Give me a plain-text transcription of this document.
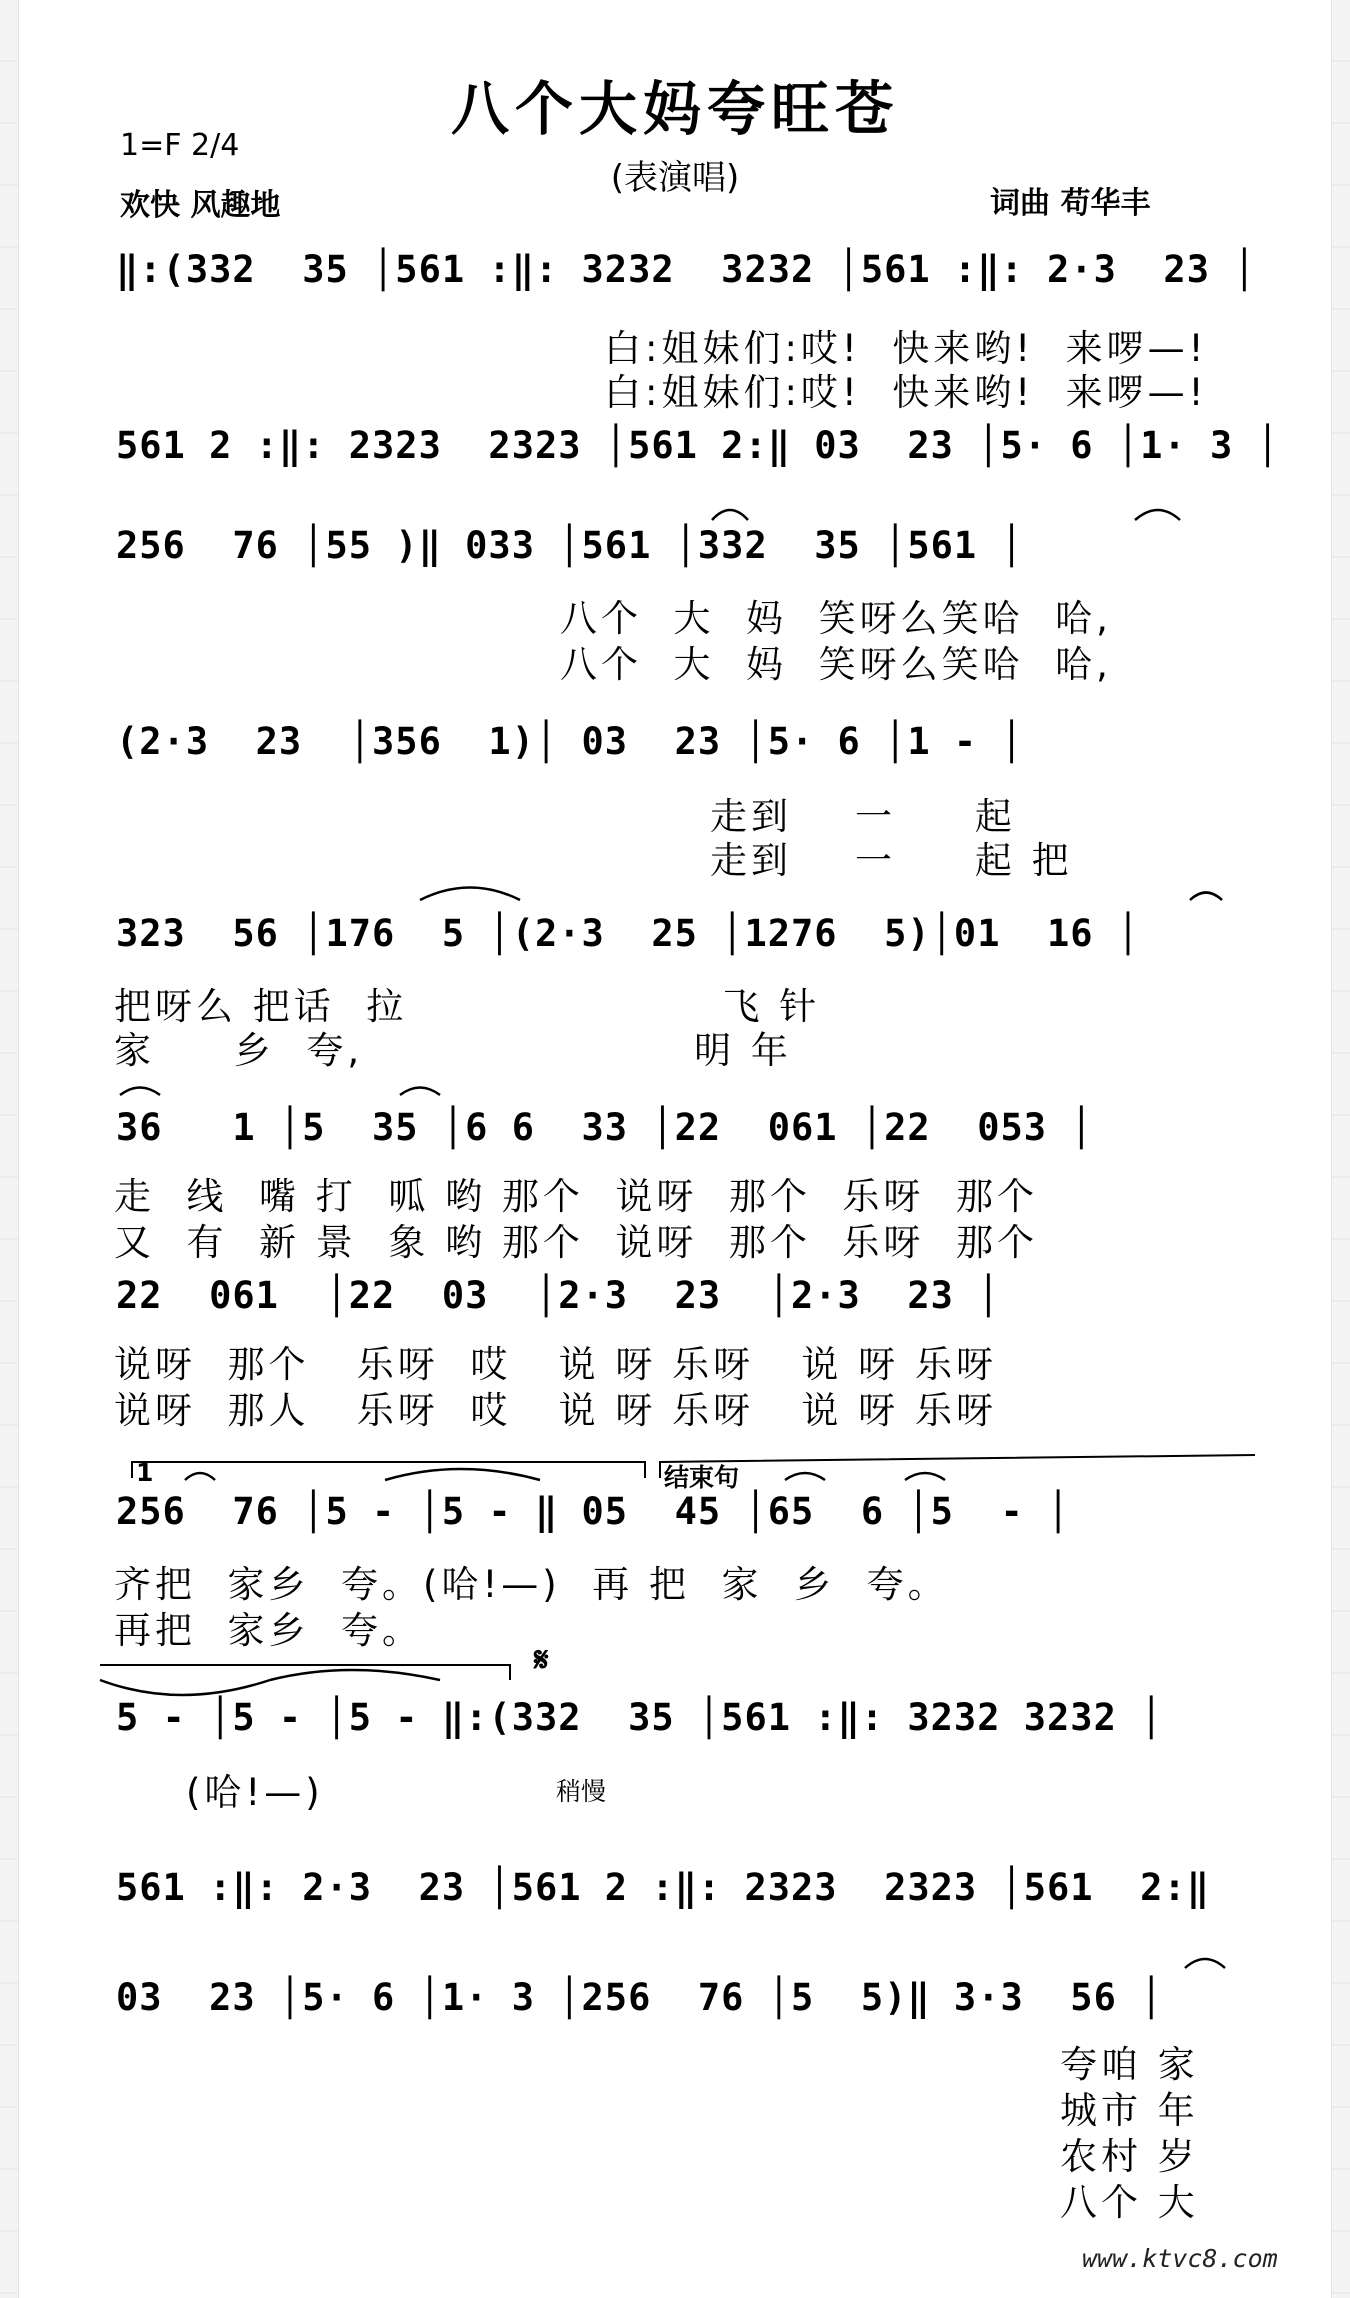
八个大妈夸旺苍
(表演唱)
1=F 2/4
欢快 风趣地	词曲 苟华丰
‖:(332  35 │561 :‖: 3232  3232 │561 :‖: 2·3  23 │
白:姐妹们:哎!  快来哟!  来啰—!
白:姐妹们:哎!  快来哟!  来啰—!
561 2 :‖: 2323  2323 │561 2:‖ 03  23 │5· 6 │1· 3 │
256  76 │55 )‖ 033 │561 │332  35 │561 │
八个  大  妈  笑呀么笑哈  哈,
八个  大  妈  笑呀么笑哈  哈,
(2·3  23  │356  1)│ 03  23 │5· 6 │1 - │
走到    一     起
走到    一     起 把
323  56 │176  5 │(2·3  25 │1276  5)│01  16 │
把呀么 把话  拉                    飞 针
家     乡  夸,                     明 年
36   1 │5  35 │6 6  33 │22  061 │22  053 │
走  线  嘴 打  呱 哟 那个  说呀  那个  乐呀  那个
又  有  新 景  象 哟 那个  说呀  那个  乐呀  那个
22  061  │22  03  │2·3  23  │2·3  23 │
说呀  那个   乐呀  哎   说 呀 乐呀   说 呀 乐呀
说呀  那人   乐呀  哎   说 呀 乐呀   说 呀 乐呀
1	结束句
256  76 │5 - │5 - ‖ 05  45 │65  6 │5  - │
齐把  家乡  夸。(哈!—)  再 把  家  乡  夸。
再把  家乡  夸。
𝄋
5 - │5 - │5 - ‖:(332  35 │561 :‖: 3232 3232 │
(哈!—)	稍慢
561 :‖: 2·3  23 │561 2 :‖: 2323  2323 │561  2:‖
03  23 │5· 6 │1· 3 │256  76 │5  5)‖ 3·3  56 │
夸咱 家
城市 年
农村 岁
八个 大
www.ktvc8.com
